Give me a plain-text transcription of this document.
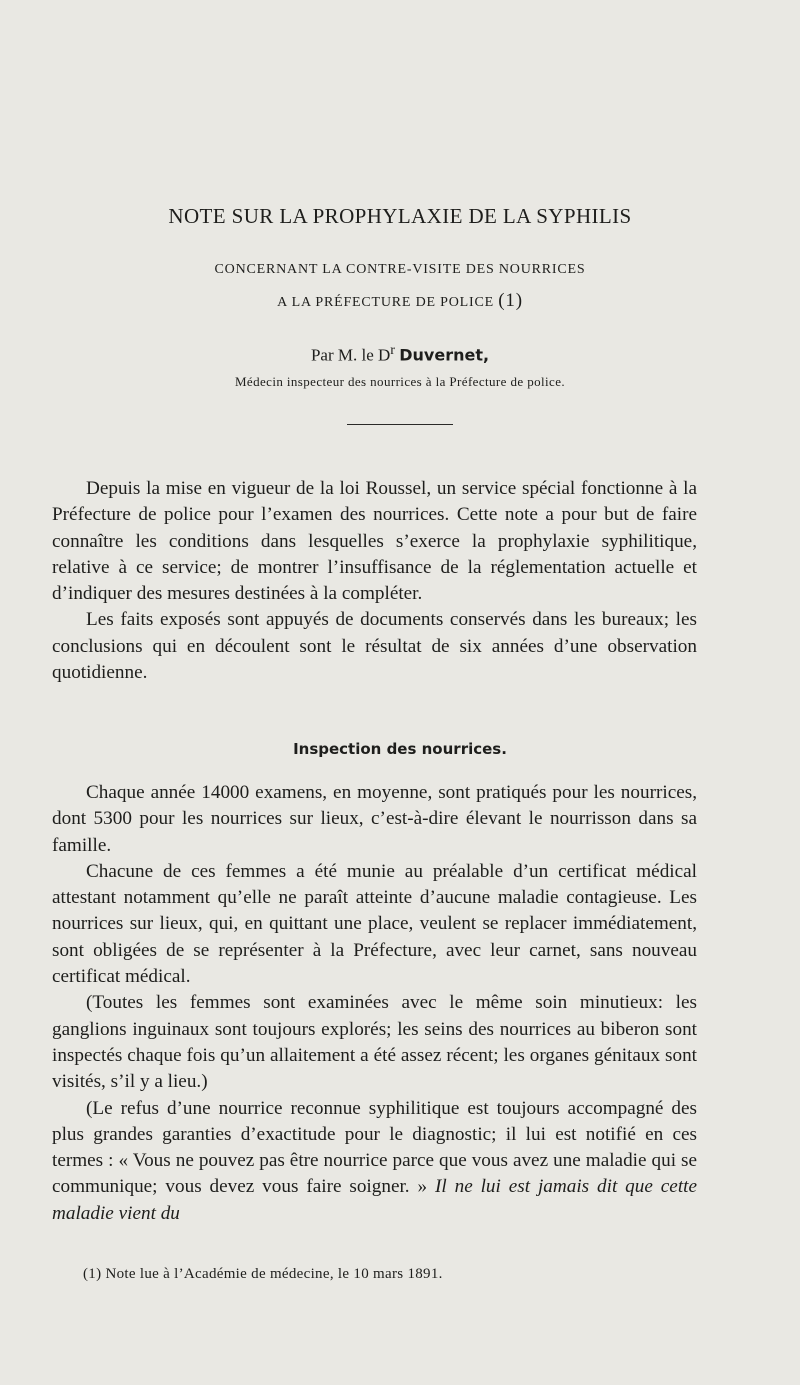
NOTE SUR LA PROPHYLAXIE DE LA SYPHILIS
CONCERNANT LA CONTRE-VISITE DES NOURRICES
A LA PRÉFECTURE DE POLICE (1)
Par M. le $D^r$ Duvernet,
Médecin inspecteur des nourrices à la Préfecture de police.

Depuis la mise en vigueur de la loi Roussel, un service spécial fonctionne à la Préfecture de police pour l’examen des nourrices. Cette note a pour but de faire connaître les conditions dans lesquelles s’exerce la prophylaxie syphilitique, relative à ce service; de montrer l’insuffisance de la réglementation actuelle et d’indiquer des mesures destinées à la compléter.

Les faits exposés sont appuyés de documents conservés dans les bureaux; les conclusions qui en découlent sont le résultat de six années d’une observation quotidienne.

Inspection des nourrices.

Chaque année 14000 examens, en moyenne, sont pratiqués pour les nourrices, dont 5300 pour les nourrices sur lieux, c’est-à-dire élevant le nourrisson dans sa famille.

Chacune de ces femmes a été munie au préalable d’un certificat médical attestant notamment qu’elle ne paraît atteinte d’aucune maladie contagieuse. Les nourrices sur lieux, qui, en quittant une place, veulent se replacer immédiatement, sont obligées de se représenter à la Préfecture, avec leur carnet, sans nouveau certificat médical.

(Toutes les femmes sont examinées avec le même soin minutieux: les ganglions inguinaux sont toujours explorés; les seins des nourrices au biberon sont inspectés chaque fois qu’un allaitement a été assez récent; les organes génitaux sont visités, s’il y a lieu.)

(Le refus d’une nourrice reconnue syphilitique est toujours accompagné des plus grandes garanties d’exactitude pour le diagnostic; il lui est notifié en ces termes : « Vous ne pouvez pas être nourrice parce que vous avez une maladie qui se communique; vous devez vous faire soigner. » Il ne lui est jamais dit que cette maladie vient du

(1) Note lue à l’Académie de médecine, le 10 mars 1891.
